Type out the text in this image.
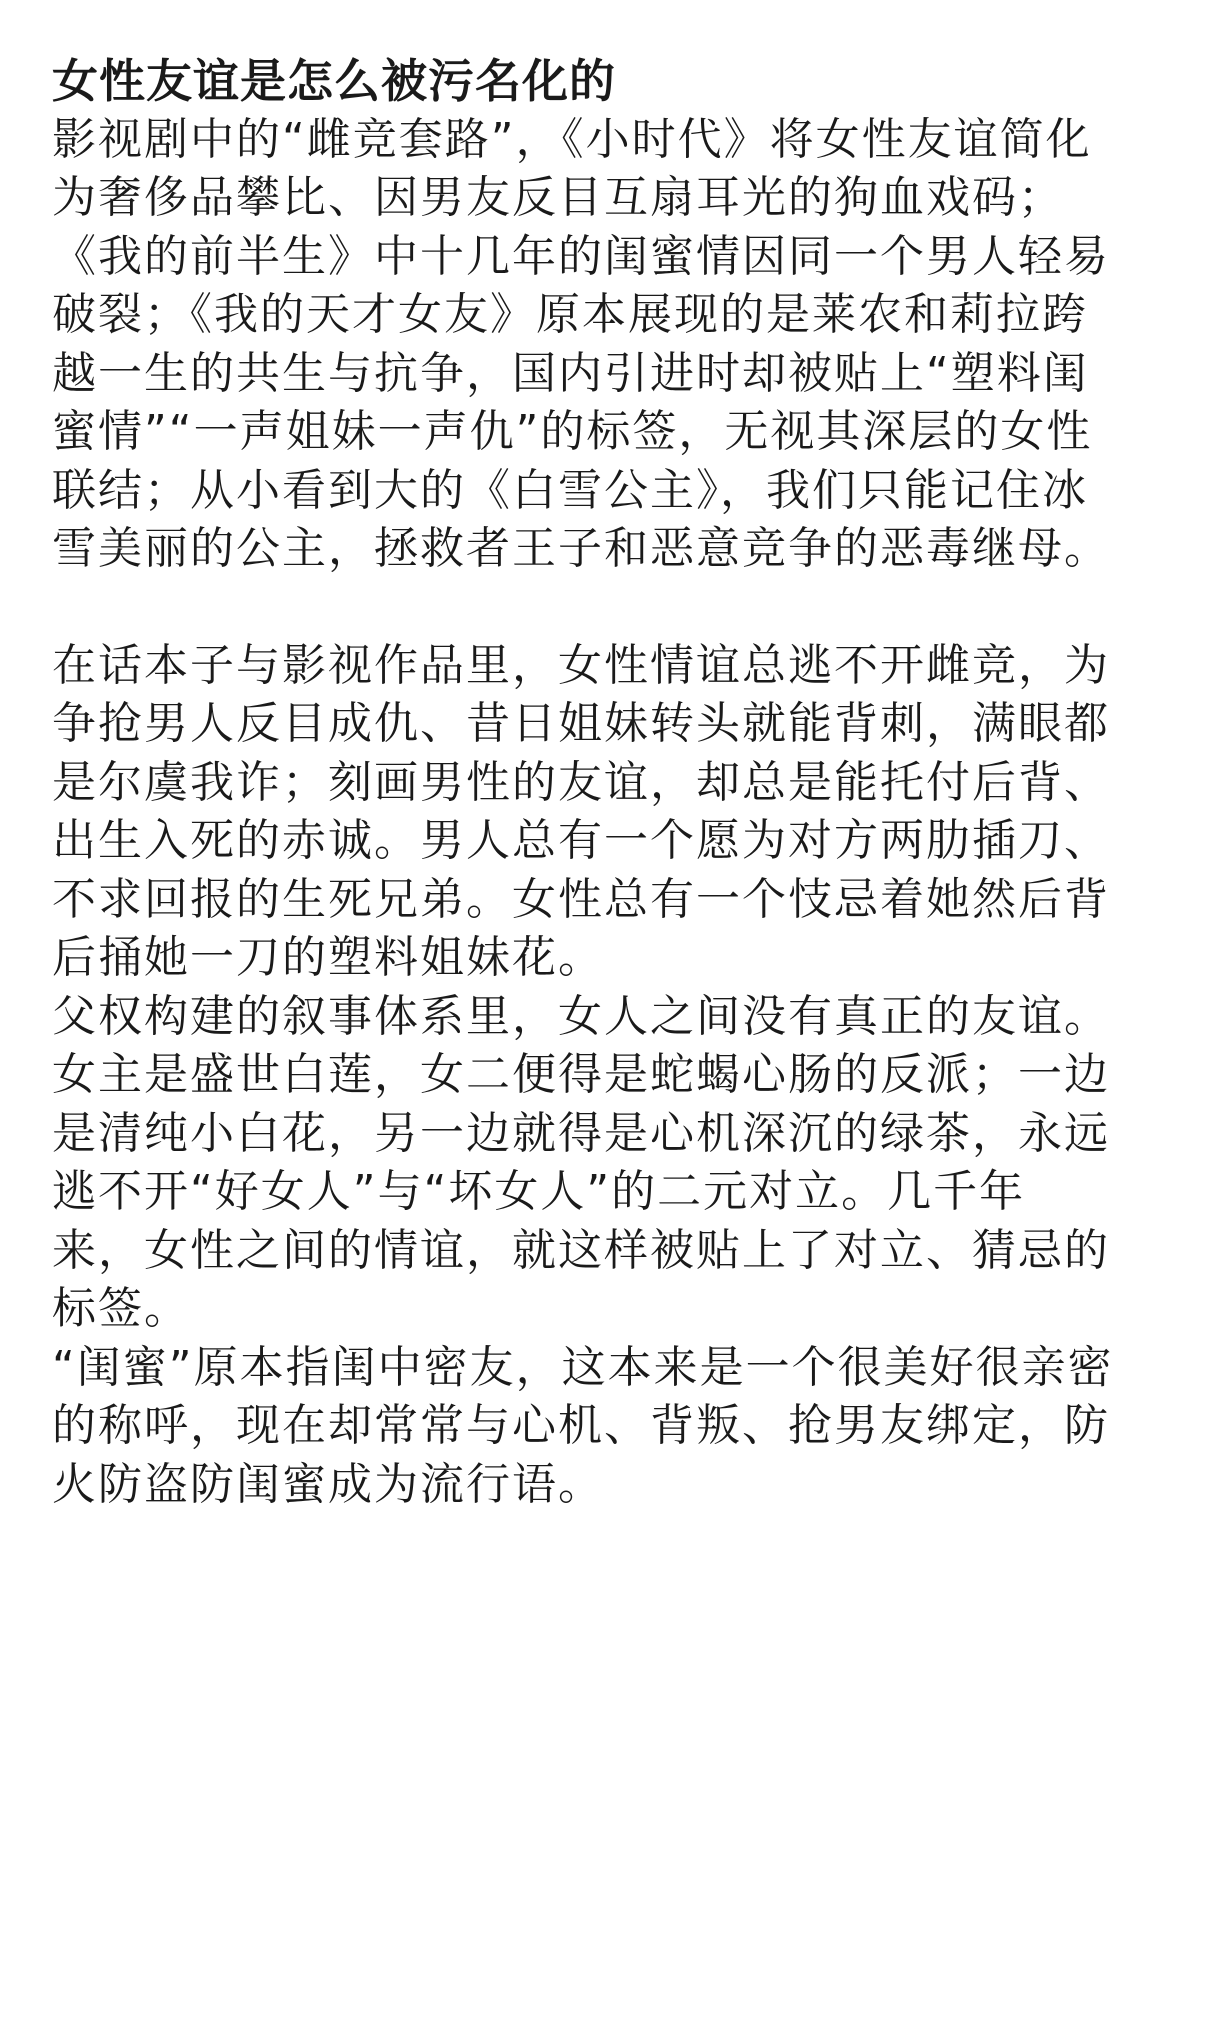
女性友谊是怎么被污名化的
影视剧中的“雌竞套路”，《小时代》将女性友谊简化
为奢侈品攀比、因男友反目互扇耳光的狗血戏码；
《我的前半生》中十几年的闺蜜情因同一个男人轻易
破裂；《我的天才女友》原本展现的是莱农和莉拉跨
越一生的共生与抗争，国内引进时却被贴上“塑料闺
蜜情”“一声姐妹一声仇”的标签，无视其深层的女性
联结；从小看到大的《白雪公主》，我们只能记住冰
雪美丽的公主，拯救者王子和恶意竞争的恶毒继母。
在话本子与影视作品里，女性情谊总逃不开雌竞，为
争抢男人反目成仇、昔日姐妹转头就能背刺，满眼都
是尔虞我诈；刻画男性的友谊，却总是能托付后背、
出生入死的赤诚。男人总有一个愿为对方两肋插刀、
不求回报的生死兄弟。女性总有一个忮忌着她然后背
后捅她一刀的塑料姐妹花。
父权构建的叙事体系里，女人之间没有真正的友谊。
女主是盛世白莲，女二便得是蛇蝎心肠的反派；一边
是清纯小白花，另一边就得是心机深沉的绿茶，永远
逃不开“好女人”与“坏女人”的二元对立。几千年
来，女性之间的情谊，就这样被贴上了对立、猜忌的
标签。
“闺蜜”原本指闺中密友，这本来是一个很美好很亲密
的称呼，现在却常常与心机、背叛、抢男友绑定，防
火防盗防闺蜜成为流行语。
